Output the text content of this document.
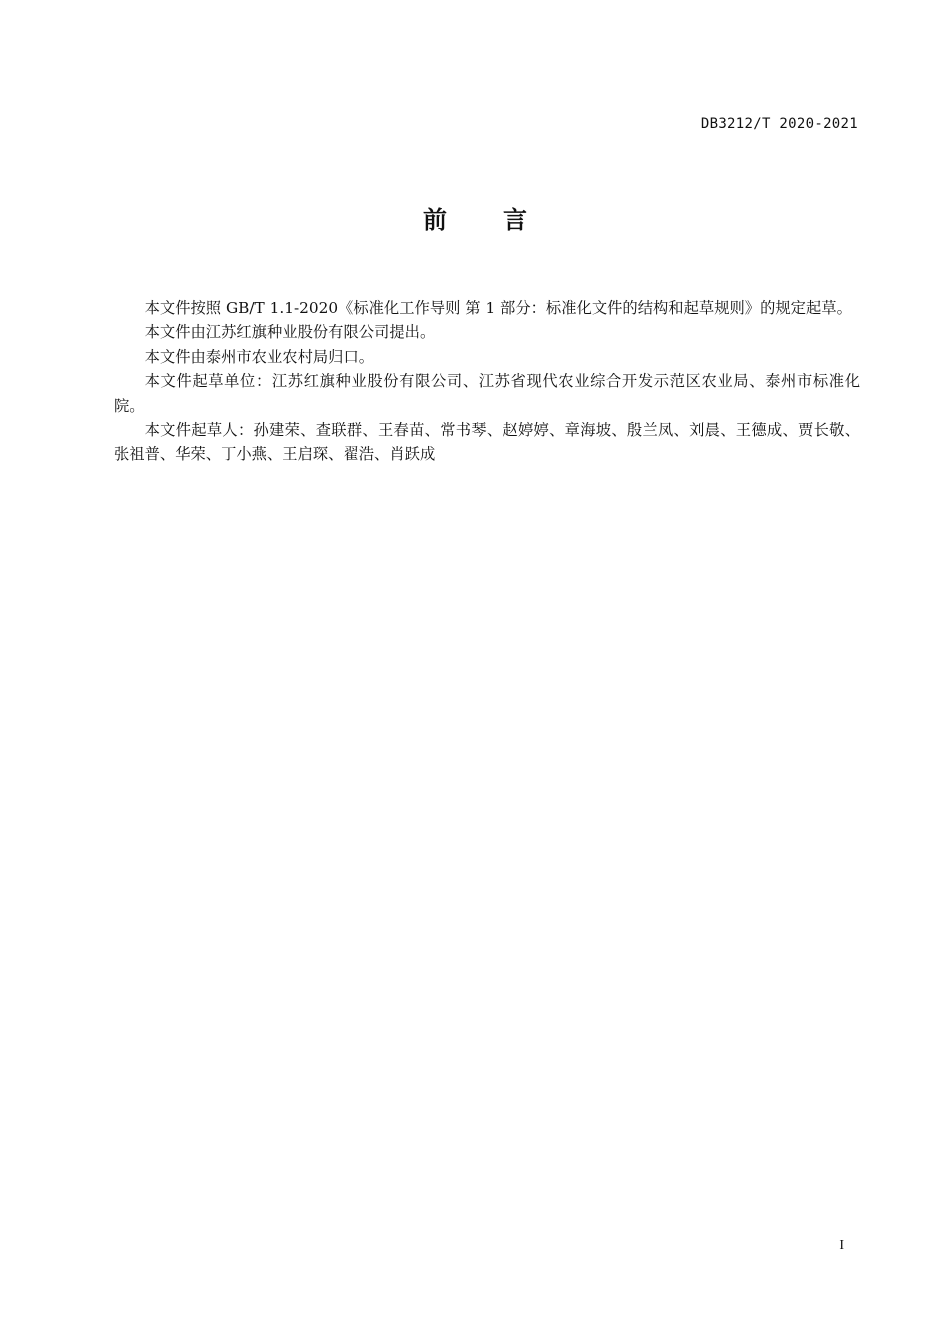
DB3212/T 2020-2021
前言

本文件按照 GB/T 1.1-2020《标准化工作导则 第 1 部分：标准化文件的结构和起草规则》的规定起草。

本文件由江苏红旗种业股份有限公司提出。

本文件由泰州市农业农村局归口。

本文件起草单位：江苏红旗种业股份有限公司、江苏省现代农业综合开发示范区农业局、泰州市标准化院。

本文件起草人：孙建荣、查联群、王春苗、常书琴、赵婷婷、章海坡、殷兰凤、刘晨、王德成、贾长敬、张祖普、华荣、丁小燕、王启琛、翟浩、肖跃成

I
